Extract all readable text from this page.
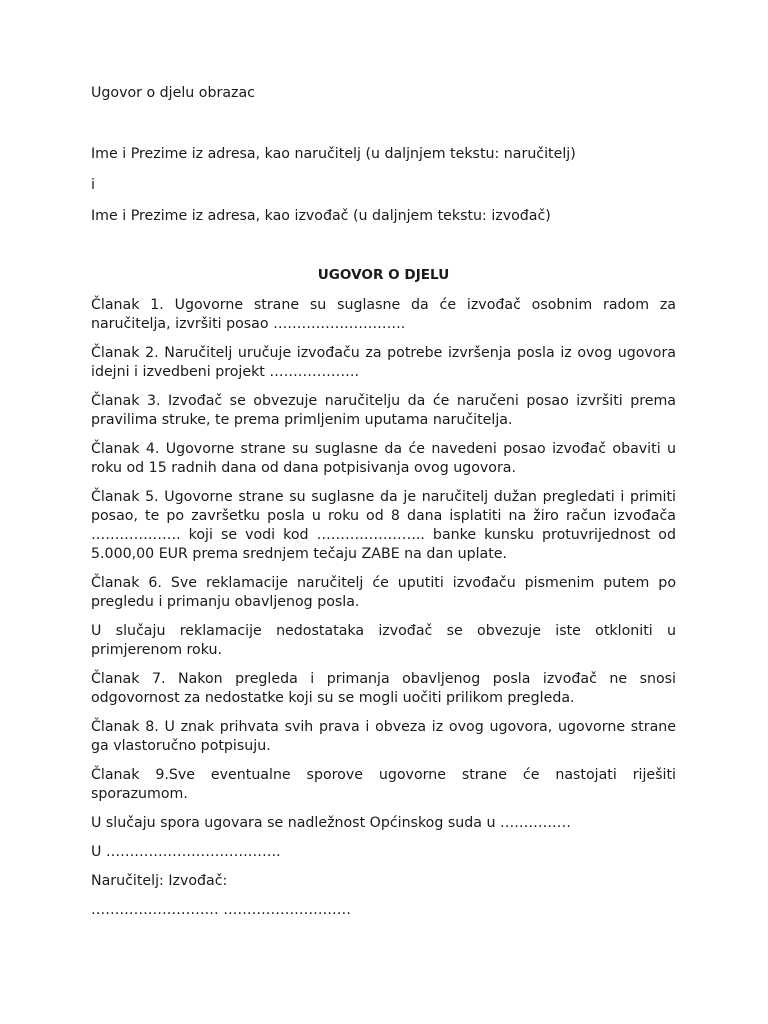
Ugovor o djelu obrazac

Ime i Prezime iz adresa, kao naručitelj (u daljnjem tekstu: naručitelj)

i

Ime i Prezime iz adresa, kao izvođač (u daljnjem tekstu: izvođač)

UGOVOR O DJELU

Članak 1. Ugovorne strane su suglasne da će izvođač osobnim radom za naručitelja, izvršiti posao ……………………….

Članak 2. Naručitelj uručuje izvođaču za potrebe izvršenja posla iz ovog ugovora idejni i izvedbeni projekt ……………….

Članak 3. Izvođač se obvezuje naručitelju da će naručeni posao izvršiti prema pravilima struke, te prema primljenim uputama naručitelja.

Članak 4. Ugovorne strane su suglasne da će navedeni posao izvođač obaviti u roku od 15 radnih dana od dana potpisivanja ovog ugovora.

Članak 5. Ugovorne strane su suglasne da je naručitelj dužan pregledati i primiti posao, te po završetku posla u roku od 8 dana isplatiti na žiro račun izvođača ………………. koji se vodi kod ………………….. banke kunsku protuvrijednost od 5.000,00 EUR prema srednjem tečaju ZABE na dan uplate.

Članak 6. Sve reklamacije naručitelj će uputiti izvođaču pismenim putem po pregledu i primanju obavljenog posla.

U slučaju reklamacije nedostataka izvođač se obvezuje iste otkloniti u primjerenom roku.

Članak 7. Nakon pregleda i primanja obavljenog posla izvođač ne snosi odgovornost za nedostatke koji su se mogli uočiti prilikom pregleda.

Članak 8. U znak prihvata svih prava i obveza iz ovog ugovora, ugovorne strane ga vlastoručno potpisuju.

Članak 9.Sve eventualne sporove ugovorne strane će nastojati riješiti sporazumom.

U slučaju spora ugovara se nadležnost Općinskog suda u ……………

U ……………………………….

Naručitelj: Izvođač:

……………………… ………………………
